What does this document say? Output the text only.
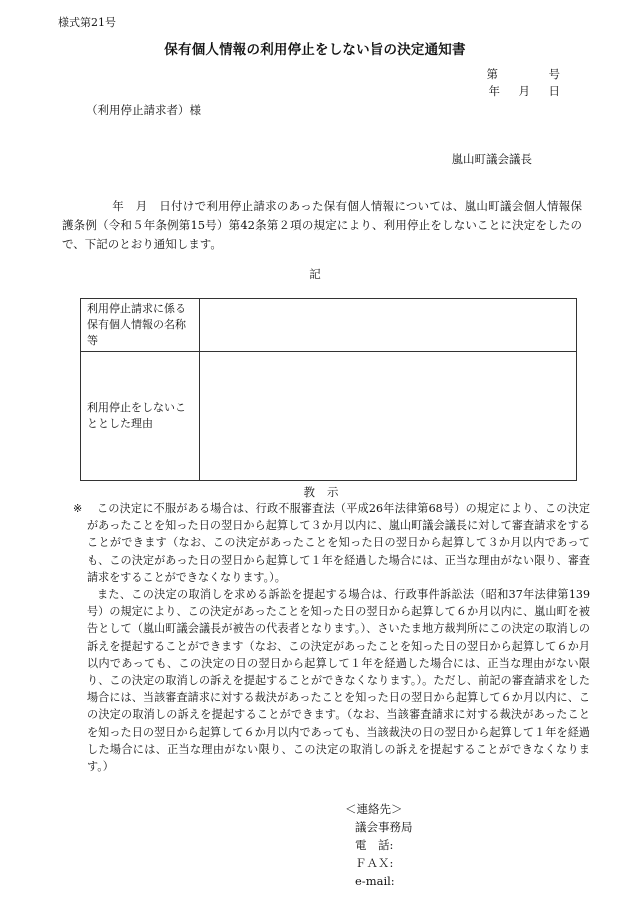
様式第21号
保有個人情報の利用停止をしない旨の決定通知書
第	号
年	月	日
（利用停止請求者）様
嵐山町議会議長
年　月　日付けで利用停止請求のあった保有個人情報については、嵐山町議会個人情報保護条例（令和５年条例第15号）第42条第２項の規定により、利用停止をしないことに決定をしたので、下記のとおり通知します。
記
利用停止請求に係る保有個人情報の名称等	
利用停止をしないこととした理由	
教示
※	この決定に不服がある場合は、行政不服審査法（平成26年法律第68号）の規定により、この決定があったことを知った日の翌日から起算して３か月以内に、嵐山町議会議長に対して審査請求をすることができます（なお、この決定があったことを知った日の翌日から起算して３か月以内であっても、この決定があった日の翌日から起算して１年を経過した場合には、正当な理由がない限り、審査請求をすることができなくなります。）。

また、この決定の取消しを求める訴訟を提起する場合は、行政事件訴訟法（昭和37年法律第139号）の規定により、この決定があったことを知った日の翌日から起算して６か月以内に、嵐山町を被告として（嵐山町議会議長が被告の代表者となります。）、さいたま地方裁判所にこの決定の取消しの訴えを提起することができます（なお、この決定があったことを知った日の翌日から起算して６か月以内であっても、この決定の日の翌日から起算して１年を経過した場合には、正当な理由がない限り、この決定の取消しの訴えを提起することができなくなります。）。ただし、前記の審査請求をした場合には、当該審査請求に対する裁決があったことを知った日の翌日から起算して６か月以内に、この決定の取消しの訴えを提起することができます。（なお、当該審査請求に対する裁決があったことを知った日の翌日から起算して６か月以内であっても、当該裁決の日の翌日から起算して１年を経過した場合には、正当な理由がない限り、この決定の取消しの訴えを提起することができなくなります。）

＜連絡先＞
議会事務局
電　話:
ＦＡＸ:
e-mail:
